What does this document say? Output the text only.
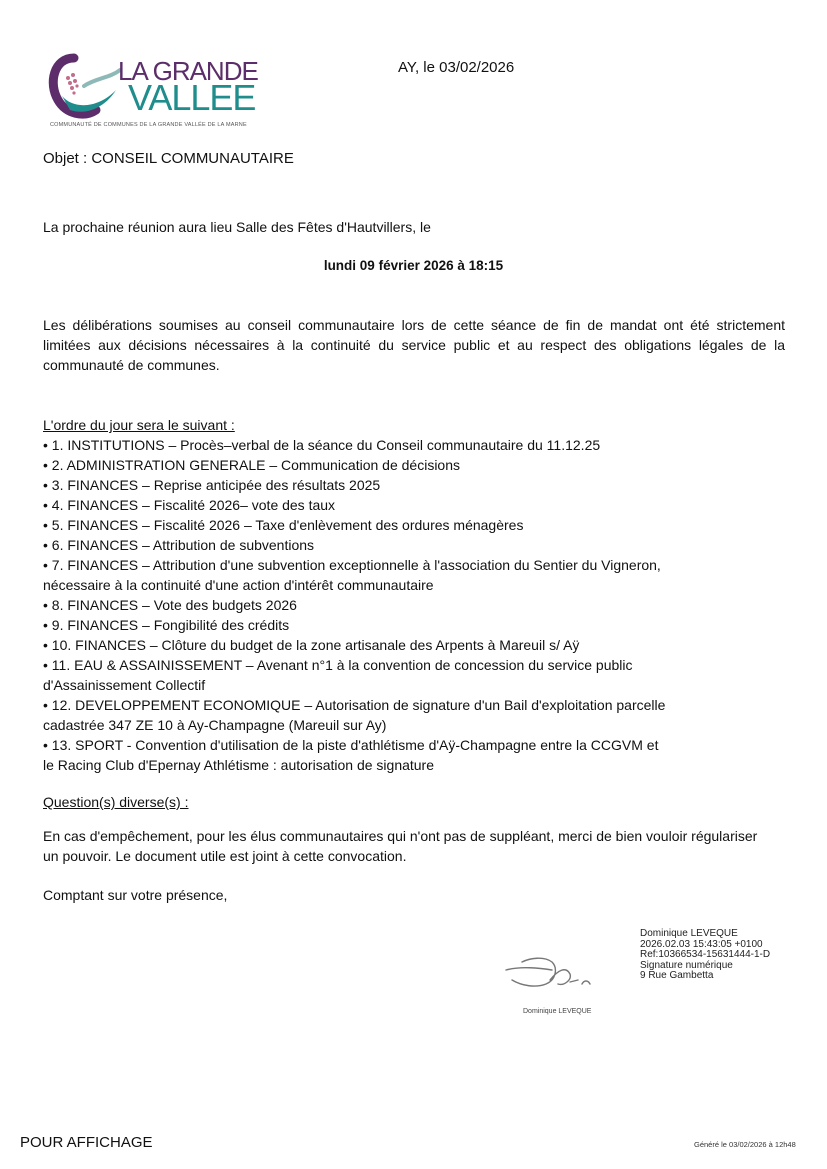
LA GRANDE
VALLEE
COMMUNAUTÉ DE COMMUNES DE LA GRANDE VALLÉE DE LA MARNE
AY, le 03/02/2026
Objet : CONSEIL COMMUNAUTAIRE
La prochaine réunion aura lieu Salle des Fêtes d'Hautvillers, le
lundi 09 février 2026 à 18:15
Les délibérations soumises au conseil communautaire lors de cette séance de fin de mandat ont été strictement limitées aux décisions nécessaires à la continuité du service public et au respect des obligations légales de la communauté de communes.
L'ordre du jour sera le suivant :
• 1. INSTITUTIONS – Procès–verbal de la séance du Conseil communautaire du 11.12.25
• 2. ADMINISTRATION GENERALE – Communication de décisions
• 3. FINANCES – Reprise anticipée des résultats 2025
• 4. FINANCES – Fiscalité 2026– vote des taux
• 5. FINANCES – Fiscalité 2026 – Taxe d'enlèvement des ordures ménagères
• 6. FINANCES – Attribution de subventions
• 7. FINANCES – Attribution d'une subvention exceptionnelle à l'association du Sentier du Vigneron,
nécessaire à la continuité d'une action d'intérêt communautaire
• 8. FINANCES – Vote des budgets 2026
• 9. FINANCES – Fongibilité des crédits
• 10. FINANCES – Clôture du budget de la zone artisanale des Arpents à Mareuil s/ Aÿ
• 11. EAU & ASSAINISSEMENT – Avenant n°1 à la convention de concession du service public
d'Assainissement Collectif
• 12. DEVELOPPEMENT ECONOMIQUE – Autorisation de signature d'un Bail d'exploitation parcelle
cadastrée 347 ZE 10 à Ay-Champagne (Mareuil sur Ay)
• 13. SPORT - Convention d'utilisation de la piste d'athlétisme d'Aÿ-Champagne entre la CCGVM et
le Racing Club d'Epernay Athlétisme : autorisation de signature
Question(s) diverse(s) :
En cas d'empêchement, pour les élus communautaires qui n'ont pas de suppléant, merci de bien vouloir régulariser
un pouvoir. Le document utile est joint à cette convocation.
Comptant sur votre présence,
Dominique LEVEQUE
2026.02.03 15:43:05 +0100
Ref:10366534-15631444-1-D
Signature numérique
9 Rue Gambetta
Dominique LEVEQUE
POUR AFFICHAGE	Généré le 03/02/2026 à 12h48
